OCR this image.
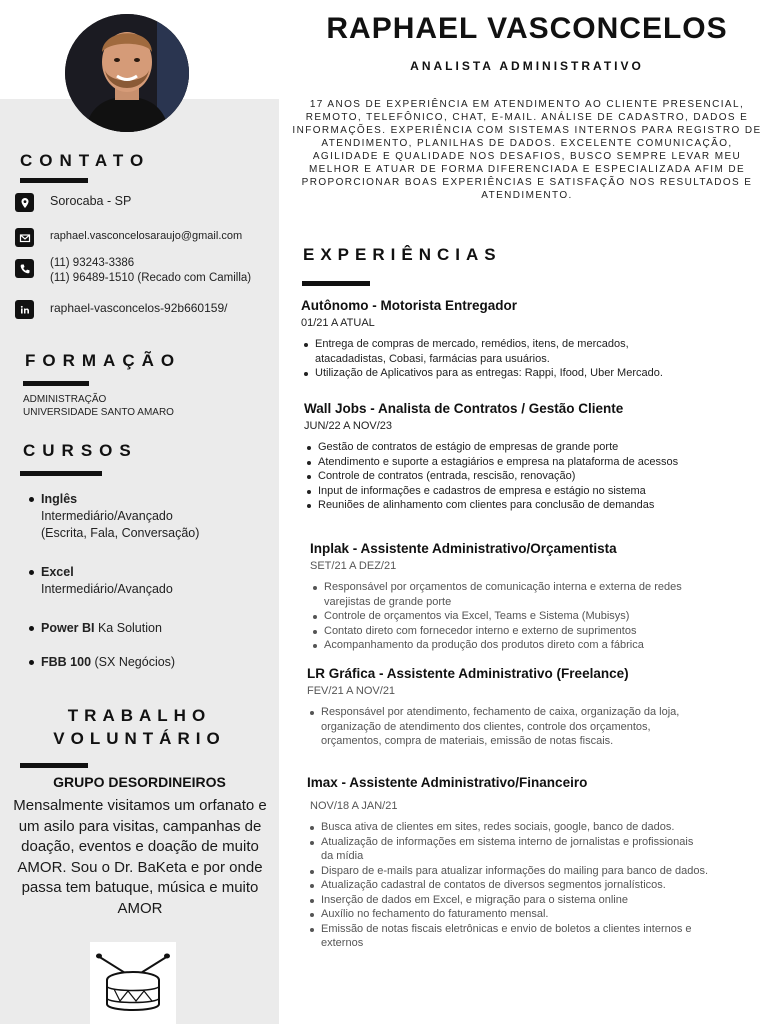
CONTATO
Sorocaba - SP
raphael.vasconcelosaraujo@gmail.com
(11) 93243-3386
(11) 96489-1510 (Recado com Camilla)
raphael-vasconcelos-92b660159/
FORMAÇÃO
ADMINISTRAÇÃO
UNIVERSIDADE SANTO AMARO
CURSOS
Inglês
Intermediário/Avançado
(Escrita, Fala, Conversação)
Excel
Intermediário/Avançado
Power BI Ka Solution
FBB 100 (SX Negócios)
TRABALHO
VOLUNTÁRIO
GRUPO DESORDINEIROS
Mensalmente visitamos um orfanato e um asilo para visitas, campanhas de doação, eventos e doação de muito AMOR. Sou o Dr. BaKeta e por onde passa tem batuque, música e muito AMOR
RAPHAEL VASCONCELOS
ANALISTA ADMINISTRATIVO
17 ANOS DE EXPERIÊNCIA EM ATENDIMENTO AO CLIENTE PRESENCIAL, REMOTO, TELEFÔNICO, CHAT, E-MAIL. ANÁLISE DE CADASTRO, DADOS E INFORMAÇÕES. EXPERIÊNCIA COM SISTEMAS INTERNOS PARA REGISTRO DE ATENDIMENTO, PLANILHAS DE DADOS. EXCELENTE COMUNICAÇÃO, AGILIDADE E QUALIDADE NOS DESAFIOS, BUSCO SEMPRE LEVAR MEU MELHOR E ATUAR DE FORMA DIFERENCIADA E ESPECIALIZADA AFIM DE PROPORCIONAR BOAS EXPERIÊNCIAS E SATISFAÇÃO NOS RESULTADOS E ATENDIMENTO.
EXPERIÊNCIAS
Autônomo - Motorista Entregador
01/21 A ATUAL
Entrega de compras de mercado, remédios, itens, de mercados, atacadadistas, Cobasi, farmácias para usuários.
Utilização de Aplicativos para as entregas: Rappi, Ifood, Uber Mercado.
Wall Jobs - Analista de Contratos / Gestão Cliente
JUN/22 A NOV/23
Gestão de contratos de estágio de empresas de grande porte
Atendimento e suporte a estagiários e empresa na plataforma de acessos
Controle de contratos (entrada, rescisão, renovação)
Input de informações e cadastros de empresa e estágio no sistema
Reuniões de alinhamento com clientes para conclusão de demandas
Inplak - Assistente Administrativo/Orçamentista
SET/21 A DEZ/21
Responsável por orçamentos de comunicação interna e externa de redes varejistas de grande porte
Controle de orçamentos via Excel, Teams e Sistema (Mubisys)
Contato direto com fornecedor interno e externo de suprimentos
Acompanhamento da produção dos produtos direto com a fábrica
LR Gráfica - Assistente Administrativo (Freelance)
FEV/21 A NOV/21
Responsável por atendimento, fechamento de caixa, organização da loja, organização de atendimento dos clientes, controle dos orçamentos, orçamentos, compra de materiais, emissão de notas fiscais.
Imax - Assistente Administrativo/Financeiro
NOV/18 A JAN/21
Busca ativa de clientes em sites, redes sociais, google, banco de dados.
Atualização de informações em sistema interno de jornalistas e profissionais da mídia
Disparo de e-mails para atualizar informações do mailing para banco de dados.
Atualização cadastral de contatos de diversos segmentos jornalísticos.
Inserção de dados em Excel, e migração para o sistema online
Auxílio no fechamento do faturamento mensal.
Emissão de notas fiscais eletrônicas e envio de boletos a clientes internos e externos
